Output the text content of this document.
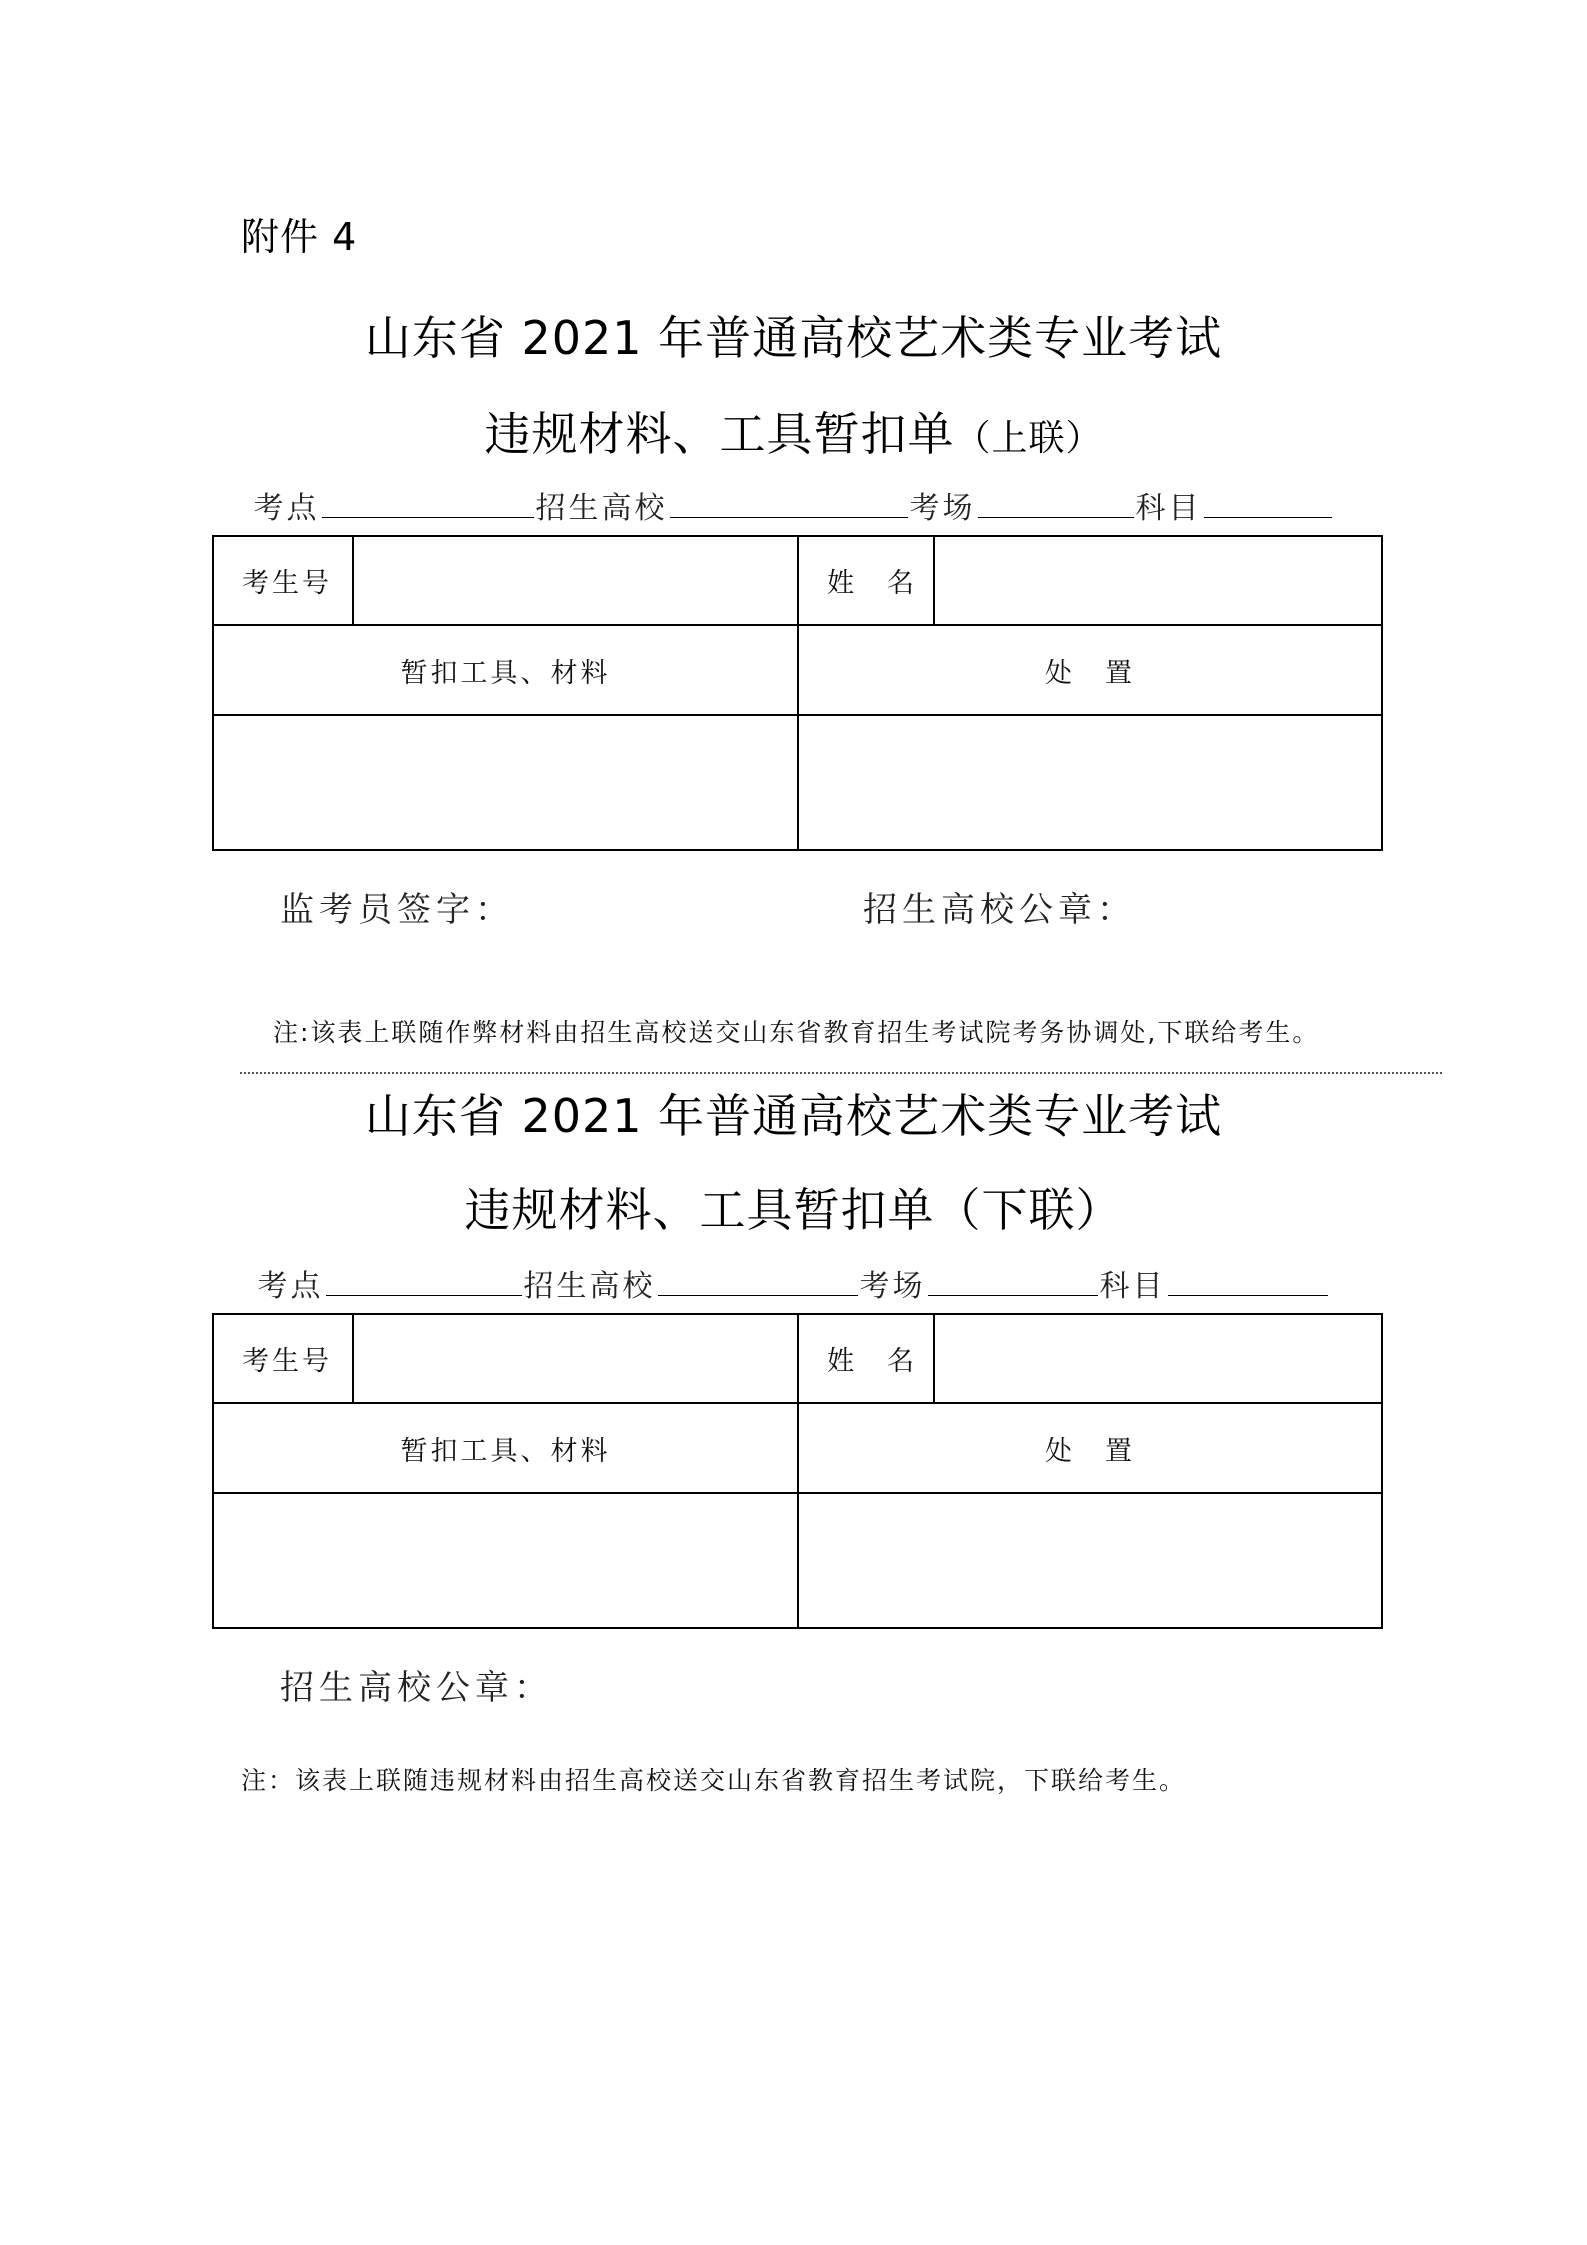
附件 4
山东省 2021 年普通高校艺术类专业考试
违规材料、工具暂扣单（上联）
考点	招生高校	考场	科目
考生号		姓　名	
暂扣工具、材料		处　置	

监考员签字：	招生高校公章：
注:该表上联随作弊材料由招生高校送交山东省教育招生考试院考务协调处,下联给考生。
山东省 2021 年普通高校艺术类专业考试
违规材料、工具暂扣单（下联）
考点	招生高校	考场	科目
考生号		姓　名	
暂扣工具、材料		处　置	

招生高校公章：
注：该表上联随违规材料由招生高校送交山东省教育招生考试院，下联给考生。
